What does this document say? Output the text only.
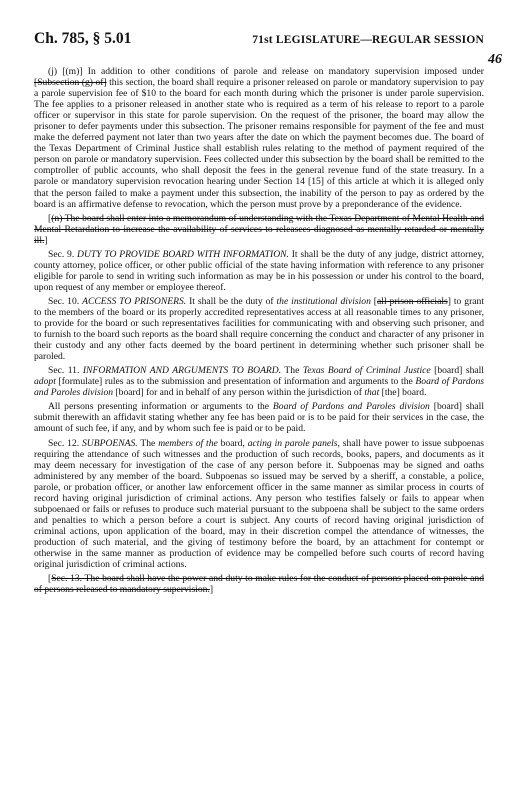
Ch. 785, § 5.01	71st LEGISLATURE—REGULAR SESSION
46

(j) [(m)] In addition to other conditions of parole and release on mandatory supervision imposed under [Subsection (g) of] this section, the board shall require a prisoner released on parole or mandatory supervision to pay a parole supervision fee of $10 to the board for each month during which the prisoner is under parole supervision. The fee applies to a prisoner released in another state who is required as a term of his release to report to a parole officer or supervisor in this state for parole supervision. On the request of the prisoner, the board may allow the prisoner to defer payments under this subsection. The prisoner remains responsible for payment of the fee and must make the deferred payment not later than two years after the date on which the payment becomes due. The board of the Texas Department of Criminal Justice shall establish rules relating to the method of payment required of the person on parole or mandatory supervision. Fees collected under this subsection by the board shall be remitted to the comptroller of public accounts, who shall deposit the fees in the general revenue fund of the state treasury. In a parole or mandatory supervision revocation hearing under Section 14 [15] of this article at which it is alleged only that the person failed to make a payment under this subsection, the inability of the person to pay as ordered by the board is an affirmative defense to revocation, which the person must prove by a preponderance of the evidence.

[(n) The board shall enter into a memorandum of understanding with the Texas Department of Mental Health and Mental Retardation to increase the availability of services to releasees diagnosed as mentally retarded or mentally ill.]

Sec. 9. DUTY TO PROVIDE BOARD WITH INFORMATION. It shall be the duty of any judge, district attorney, county attorney, police officer, or other public official of the state having information with reference to any prisoner eligible for parole to send in writing such information as may be in his possession or under his control to the board, upon request of any member or employee thereof.

Sec. 10. ACCESS TO PRISONERS. It shall be the duty of the institutional division [all prison officials] to grant to the members of the board or its properly accredited representatives access at all reasonable times to any prisoner, to provide for the board or such representatives facilities for communicating with and observing such prisoner, and to furnish to the board such reports as the board shall require concerning the conduct and character of any prisoner in their custody and any other facts deemed by the board pertinent in determining whether such prisoner shall be paroled.

Sec. 11. INFORMATION AND ARGUMENTS TO BOARD. The Texas Board of Criminal Justice [board] shall adopt [formulate] rules as to the submission and presentation of information and arguments to the Board of Pardons and Paroles division [board] for and in behalf of any person within the jurisdiction of that [the] board.

All persons presenting information or arguments to the Board of Pardons and Paroles division [board] shall submit therewith an affidavit stating whether any fee has been paid or is to be paid for their services in the case, the amount of such fee, if any, and by whom such fee is paid or to be paid.

Sec. 12. SUBPOENAS. The members of the board, acting in parole panels, shall have power to issue subpoenas requiring the attendance of such witnesses and the production of such records, books, papers, and documents as it may deem necessary for investigation of the case of any person before it. Subpoenas may be signed and oaths administered by any member of the board. Subpoenas so issued may be served by a sheriff, a constable, a police, parole, or probation officer, or another law enforcement officer in the same manner as similar process in courts of record having original jurisdiction of criminal actions. Any person who testifies falsely or fails to appear when subpoenaed or fails or refuses to produce such material pursuant to the subpoena shall be subject to the same orders and penalties to which a person before a court is subject. Any courts of record having original jurisdiction of criminal actions, upon application of the board, may in their discretion compel the attendance of witnesses, the production of such material, and the giving of testimony before the board, by an attachment for contempt or otherwise in the same manner as production of evidence may be compelled before such courts of record having original jurisdiction of criminal actions.

[Sec. 13. The board shall have the power and duty to make rules for the conduct of persons placed on parole and of persons released to mandatory supervision.]
